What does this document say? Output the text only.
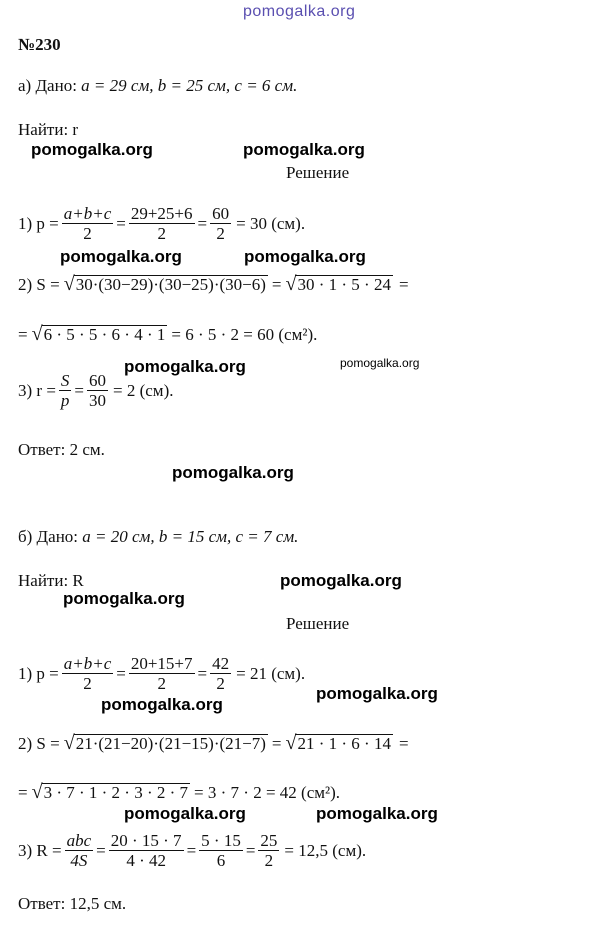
pomogalka.org
pomogalka.org	pomogalka.org
pomogalka.org	pomogalka.org
pomogalka.org	pomogalka.org
pomogalka.org
pomogalka.org
pomogalka.org
pomogalka.org
pomogalka.org
pomogalka.org	pomogalka.org
№230
а) Дано: a = 29 см, b = 25 см, c = 6 см.
Найти: r
Решение
1) $p = \frac{a+b+c}{2} = \frac{29+25+6}{2} = \frac{60}{2} = 30$ (см).
2) S = √ 30·(30−29)·(30−25)·(30−6) = √ 30 · 1 · 5 · 24 =
= √ 6 · 5 · 5 · 6 · 4 · 1 = 6 · 5 · 2 = 60 (см²).
3) $r = \frac{S}{p} = \frac{60}{30} = 2$ (см).
Ответ: 2 см.
б) Дано: a = 20 см, b = 15 см, c = 7 см.
Найти: R
Решение
1) $p = \frac{a+b+c}{2} = \frac{20+15+7}{2} = \frac{42}{2} = 21$ (см).
2) S = √ 21·(21−20)·(21−15)·(21−7) = √ 21 · 1 · 6 · 14 =
= √ 3 · 7 · 1 · 2 · 3 · 2 · 7 = 3 · 7 · 2 = 42 (см²).
3) $R = \frac{\text{abc}}{4S} = \frac{20 \cdot 15 \cdot 7}{4 \cdot 42} = \frac{5 \cdot 15}{6} = \frac{25}{2} = 12,5$ (см).
Ответ: 12,5 см.
